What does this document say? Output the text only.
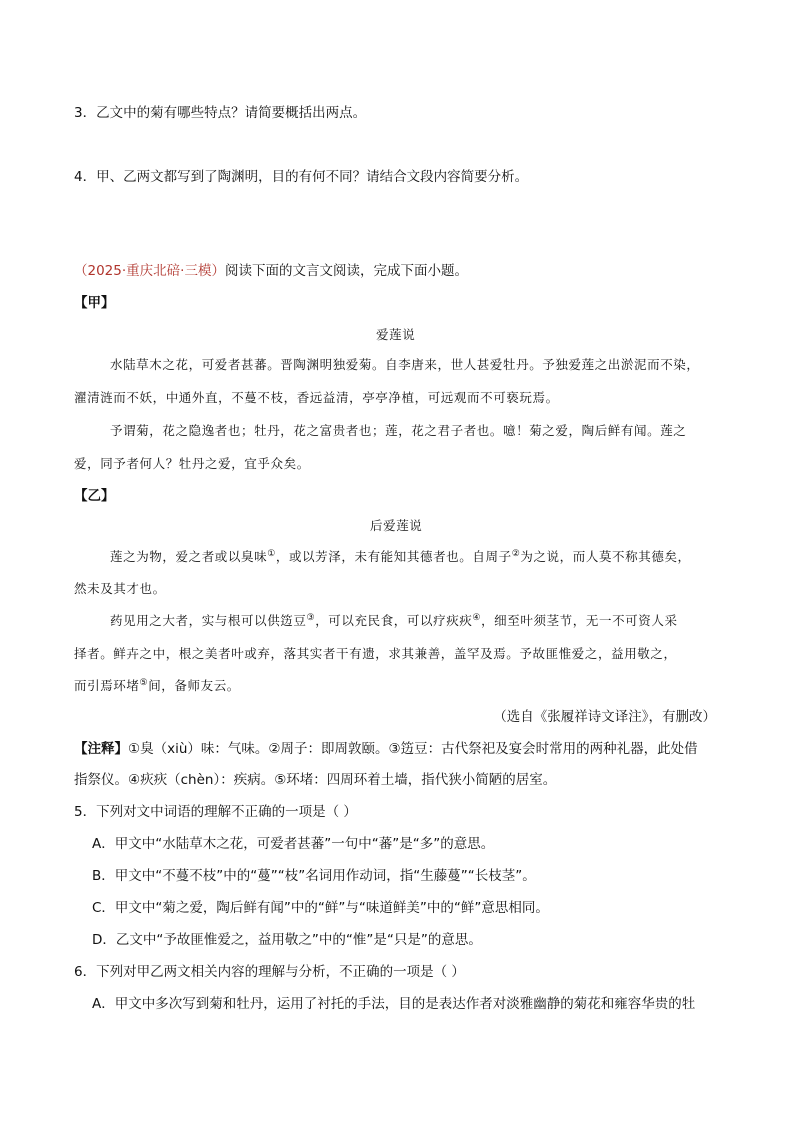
3．乙文中的菊有哪些特点？请简要概括出两点。
4．甲、乙两文都写到了陶渊明，目的有何不同？请结合文段内容简要分析。
（2025·重庆北碚·三模）阅读下面的文言文阅读，完成下面小题。
【甲】
爱莲说
水陆草木之花，可爱者甚蕃。晋陶渊明独爱菊。自李唐来，世人甚爱牡丹。予独爱莲之出淤泥而不染，
濯清涟而不妖，中通外直，不蔓不枝，香远益清，亭亭净植，可远观而不可亵玩焉。
予谓菊，花之隐逸者也；牡丹，花之富贵者也；莲，花之君子者也。噫！菊之爱，陶后鲜有闻。莲之
爱，同予者何人？牡丹之爱，宜乎众矣。
【乙】
后爱莲说
莲之为物，爱之者或以臭味①，或以芳泽，未有能知其德者也。自周子②为之说，而人莫不称其德矣，
然未及其才也。
药见用之大者，实与根可以供笾豆③，可以充民食，可以疗疢疢④，细至叶须茎节，无一不可资人采
择者。鲜卉之中，根之美者叶或弃，落其实者干有遗，求其兼善，盖罕及焉。予故匪惟爱之，益用敬之，
而引焉环堵⑤间，备师友云。
（选自《张履祥诗文译注》，有删改）
【注释】①臭（xiù）味：气味。②周子：即周敦颐。③笾豆：古代祭祀及宴会时常用的两种礼器，此处借
指祭仪。④疢疢（chèn）：疾病。⑤环堵：四周环着土墙，指代狭小简陋的居室。
5．下列对文中词语的理解不正确的一项是（ ）
A．甲文中“水陆草木之花，可爱者甚蕃”一句中“蕃”是“多”的意思。
B．甲文中“不蔓不枝”中的“蔓”“枝”名词用作动词，指“生藤蔓”“长枝茎”。
C．甲文中“菊之爱，陶后鲜有闻”中的“鲜”与“味道鲜美”中的“鲜”意思相同。
D．乙文中“予故匪惟爱之，益用敬之”中的“惟”是“只是”的意思。
6．下列对甲乙两文相关内容的理解与分析，不正确的一项是（ ）
A．甲文中多次写到菊和牡丹，运用了衬托的手法，目的是表达作者对淡雅幽静的菊花和雍容华贵的牡
